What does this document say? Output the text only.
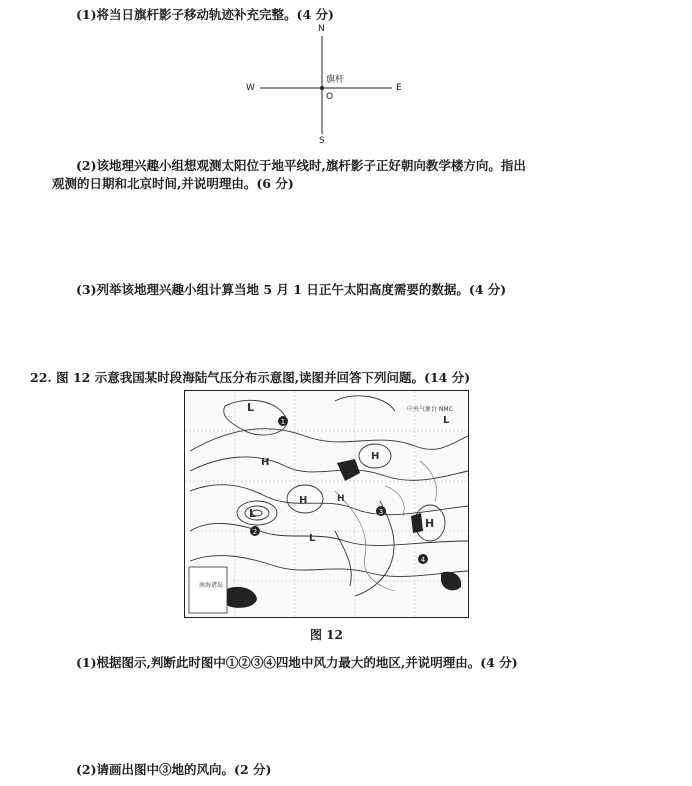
(1)将当日旗杆影子移动轨迹补充完整。(4 分)
N
S
E
W
O
旗杆
(2)该地理兴趣小组想观测太阳位于地平线时,旗杆影子正好朝向教学楼方向。指出
观测的日期和北京时间,并说明理由。(6 分)
(3)列举该地理兴趣小组计算当地 5 月 1 日正午太阳高度需要的数据。(4 分)
22. 图 12 示意我国某时段海陆气压分布示意图,读图并回答下列问题。(14 分)
L
L
L
L
H
H
H
H
H
1
2
3
4
中央气象台 NMC
南海诸岛
图 12
(1)根据图示,判断此时图中①②③④四地中风力最大的地区,并说明理由。(4 分)
(2)请画出图中③地的风向。(2 分)
